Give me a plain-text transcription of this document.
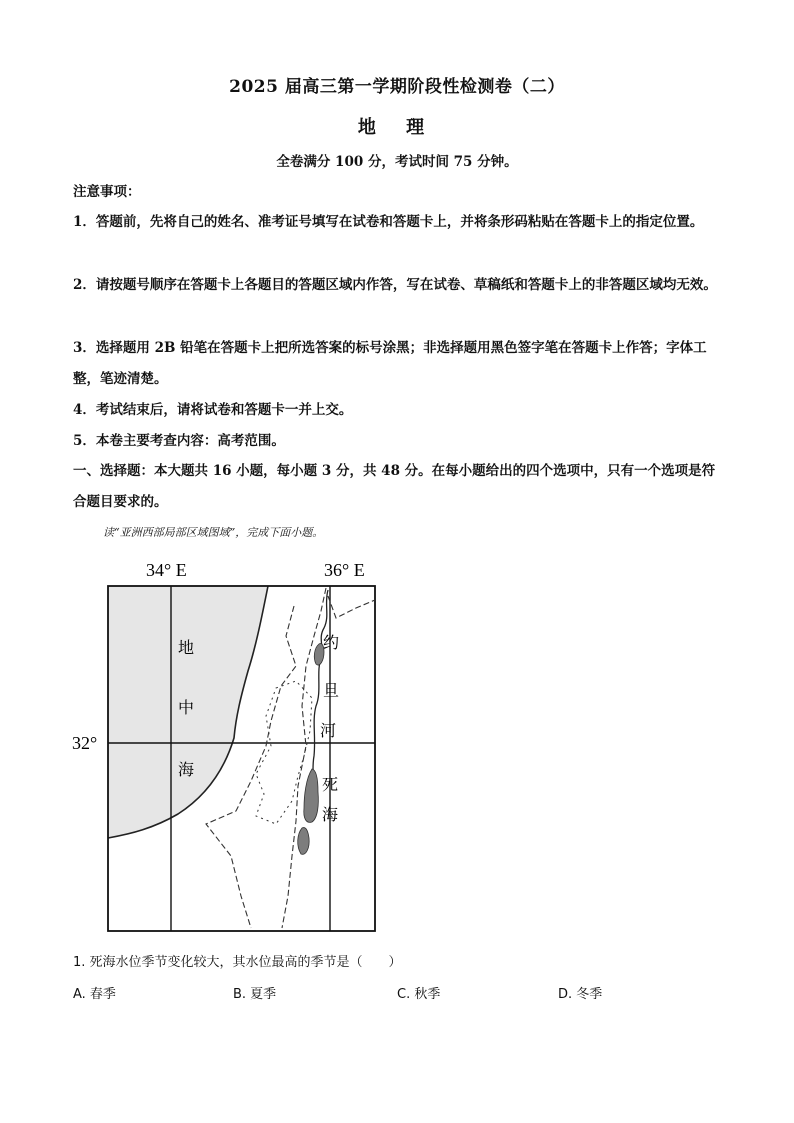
2025 届高三第一学期阶段性检测卷（二）
地 理
全卷满分 100 分，考试时间 75 分钟。
注意事项：
1．答题前，先将自己的姓名、准考证号填写在试卷和答题卡上，并将条形码粘贴在答题卡上的指定位置。
2．请按题号顺序在答题卡上各题目的答题区域内作答，写在试卷、草稿纸和答题卡上的非答题区域均无效。
3．选择题用 2B 铅笔在答题卡上把所选答案的标号涂黑；非选择题用黑色签字笔在答题卡上作答；字体工整，笔迹清楚。
4．考试结束后，请将试卷和答题卡一并上交。
5．本卷主要考查内容：高考范围。
一、选择题：本大题共 16 小题，每小题 3 分，共 48 分。在每小题给出的四个选项中，只有一个选项是符合题目要求的。
读“亚洲西部局部区域图域”，完成下面小题。
34° E	36° E
32°
地
中
海
约
旦
河
死
海
1. 死海水位季节变化较大，其水位最高的季节是（　　）
A. 春季	B. 夏季	C. 秋季	D. 冬季
